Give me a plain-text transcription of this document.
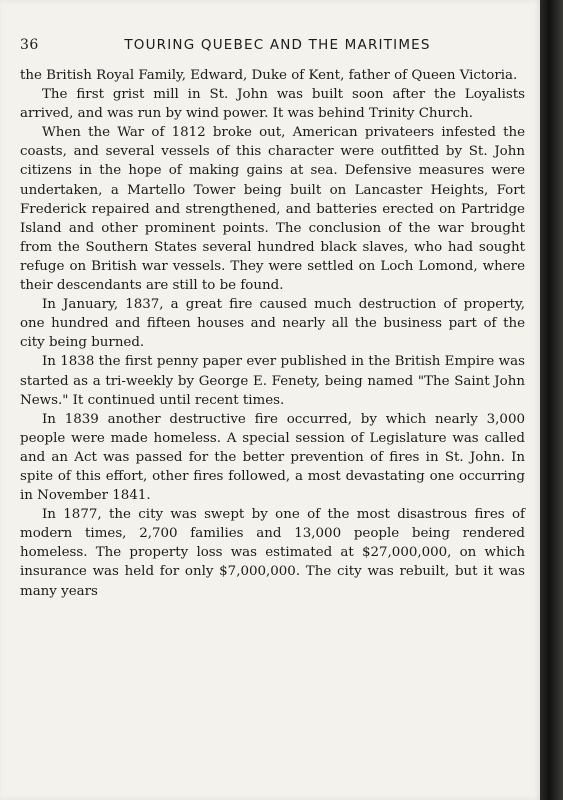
36	TOURING QUEBEC AND THE MARITIMES

the British Royal Family, Edward, Duke of Kent, father of Queen Victoria.

The first grist mill in St. John was built soon after the Loyalists arrived, and was run by wind power. It was behind Trinity Church.

When the War of 1812 broke out, American privateers infested the coasts, and several vessels of this character were outfitted by St. John citizens in the hope of making gains at sea. Defensive measures were undertaken, a Martello Tower being built on Lancaster Heights, Fort Frederick repaired and strengthened, and batteries erected on Partridge Island and other prominent points. The conclusion of the war brought from the Southern States several hundred black slaves, who had sought refuge on British war vessels. They were settled on Loch Lomond, where their descendants are still to be found.

In January, 1837, a great fire caused much destruction of property, one hundred and fifteen houses and nearly all the business part of the city being burned.

In 1838 the first penny paper ever published in the British Empire was started as a tri-weekly by George E. Fenety, being named "The Saint John News." It continued until recent times.

In 1839 another destructive fire occurred, by which nearly 3,000 people were made homeless. A special session of Legislature was called and an Act was passed for the better prevention of fires in St. John. In spite of this effort, other fires followed, a most devastating one occurring in November 1841.

In 1877, the city was swept by one of the most disastrous fires of modern times, 2,700 families and 13,000 people being rendered homeless. The property loss was estimated at $27,000,000, on which insurance was held for only $7,000,000. The city was rebuilt, but it was many years
